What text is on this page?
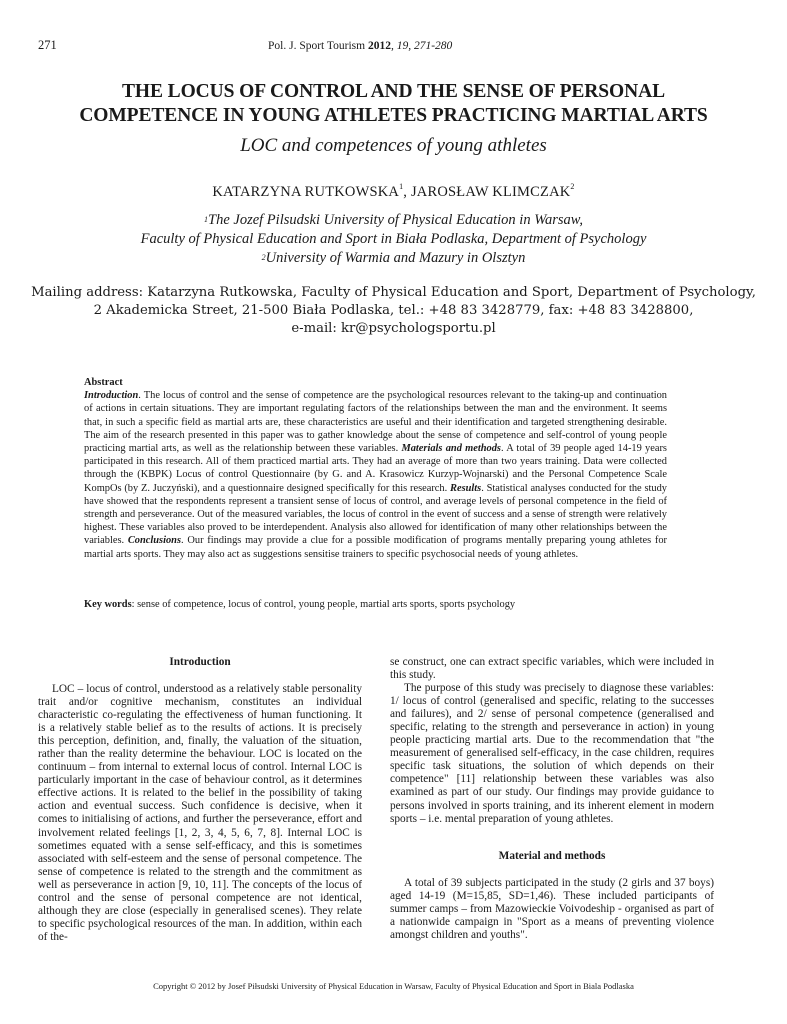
271	Pol. J. Sport Tourism 2012, 19, 271-280
THE LOCUS OF CONTROL AND THE SENSE OF PERSONAL
COMPETENCE IN YOUNG ATHLETES PRACTICING MARTIAL ARTS
LOC and competences of young athletes
KATARZYNA RUTKOWSKA$^1$, JAROSŁAW KLIMCZAK$^2$
$^1$The Jozef Pilsudski University of Physical Education in Warsaw,
Faculty of Physical Education and Sport in Biała Podlaska, Department of Psychology
$^2$University of Warmia and Mazury in Olsztyn
Mailing address: Katarzyna Rutkowska, Faculty of Physical Education and Sport, Department of Psychology,
2 Akademicka Street, 21-500 Biała Podlaska, tel.: +48 83 3428779, fax: +48 83 3428800,
e-mail: kr@psychologsportu.pl
Abstract
Introduction. The locus of control and the sense of competence are the psychological resources relevant to the taking-up and continuation of actions in certain situations. They are important regulating factors of the relationships between the man and the environment. It seems that, in such a specific field as martial arts are, these characteristics are useful and their identification and targeted strengthening desirable. The aim of the research presented in this paper was to gather knowledge about the sense of competence and self-control of young people practicing martial arts, as well as the relationship between these variables. Materials and methods. A total of 39 people aged 14-19 years participated in this research. All of them practiced martial arts. They had an average of more than two years training. Data were collected through the (KBPK) Locus of control Questionnaire (by G. and A. Krasowicz Kurzyp-Wojnarski) and the Personal Competence Scale KompOs (by Z. Juczyński), and a questionnaire designed specifically for this research. Results. Statistical analyses conducted for the study have showed that the respondents represent a transient sense of locus of control, and average levels of personal competence in the field of strength and perseverance. Out of the measured variables, the locus of control in the event of success and a sense of strength were relatively highest. These variables also proved to be interdependent. Analysis also allowed for identification of many other relationships between the variables. Conclusions. Our findings may provide a clue for a possible modification of programs mentally preparing young athletes for martial arts sports. They may also act as suggestions sensitise trainers to specific psychosocial needs of young athletes.
Key words: sense of competence, locus of control, young people, martial arts sports, sports psychology
Introduction

LOC – locus of control, understood as a relatively stable personality trait and/or cognitive mechanism, constitutes an individual characteristic co-regulating the effectiveness of human functioning. It is a relatively stable belief as to the results of actions. It is precisely this perception, definition, and, finally, the valuation of the situation, rather than the reality determine the behaviour. LOC is located on the continuum – from internal to external locus of control. Internal LOC is particularly important in the case of behaviour control, as it determines effective actions. It is related to the belief in the possibility of taking action and eventual success. Such confidence is decisive, when it comes to initialising of actions, and further the perseverance, effort and involvement related feelings [1, 2, 3, 4, 5, 6, 7, 8]. Internal LOC is sometimes equated with a sense self-efficacy, and this is sometimes associated with self-esteem and the sense of personal competence. The sense of competence is related to the strength and the commitment as well as perseverance in action [9, 10, 11]. The concepts of the locus of control and the sense of personal competence are not identical, although they are close (especially in generalised scenes). They relate to specific psychological resources of the man. In addition, within each of the-

se construct, one can extract specific variables, which were included in this study.

The purpose of this study was precisely to diagnose these variables: 1/ locus of control (generalised and specific, relating to the successes and failures), and 2/ sense of personal competence (generalised and specific, relating to the strength and perseverance in action) in young people practicing martial arts. Due to the recommendation that "the measurement of generalised self-efficacy, in the case children, requires specific task situations, the solution of which depends on their competence" [11] relationship between these variables was also examined as part of our study. Our findings may provide guidance to persons involved in sports training, and its inherent element in modern sports – i.e. mental preparation of young athletes.

Material and methods

A total of 39 subjects participated in the study (2 girls and 37 boys) aged 14-19 (M=15,85, SD=1,46). These included participants of summer camps – from Mazowieckie Voivodeship - organised as part of a nationwide campaign in "Sport as a means of preventing violence amongst children and youths".

Copyright © 2012 by Josef Piłsudski University of Physical Education in Warsaw, Faculty of Physical Education and Sport in Biala Podlaska
